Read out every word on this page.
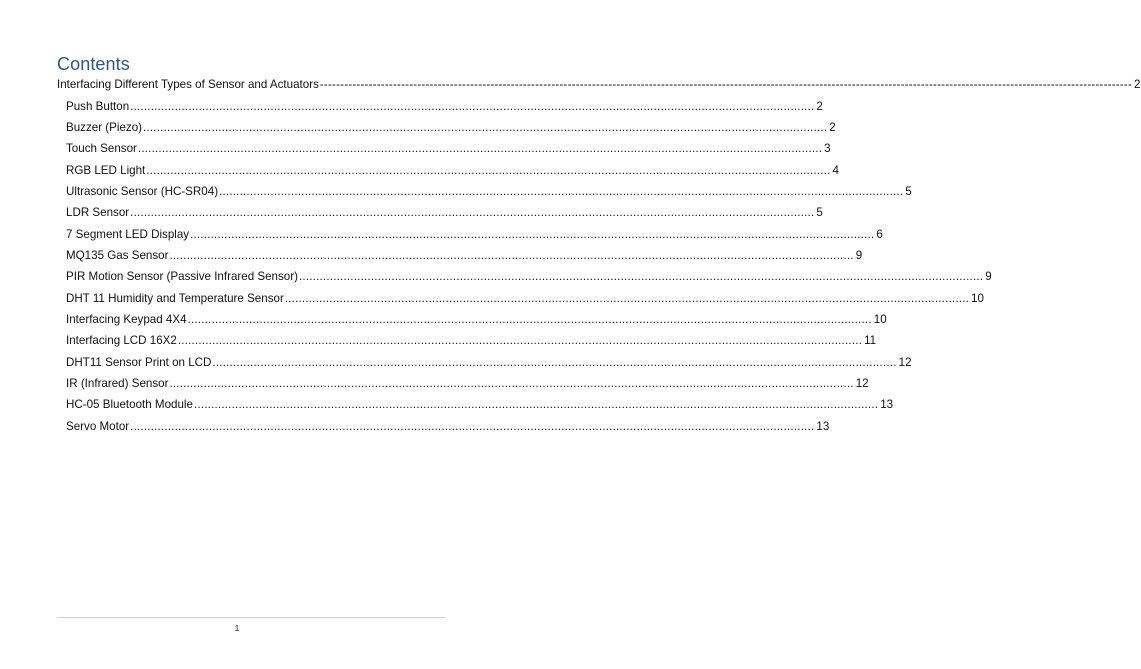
Contents
Interfacing Different Types of Sensor and Actuators -------------------------------------------------------------------------------------------------------------------------------------------------------------------------------------------------------- 2
Push Button ........................................................................................................................................................................................................ 2
Buzzer (Piezo) ........................................................................................................................................................................................................ 2
Touch Sensor ........................................................................................................................................................................................................ 3
RGB LED Light ........................................................................................................................................................................................................ 4
Ultrasonic Sensor (HC-SR04) ........................................................................................................................................................................................................ 5
LDR Sensor ........................................................................................................................................................................................................ 5
7 Segment LED Display ........................................................................................................................................................................................................ 6
MQ135 Gas Sensor ........................................................................................................................................................................................................ 9
PIR Motion Sensor (Passive Infrared Sensor) ........................................................................................................................................................................................................ 9
DHT 11 Humidity and Temperature Sensor ........................................................................................................................................................................................................ 10
Interfacing Keypad 4X4 ........................................................................................................................................................................................................ 10
Interfacing LCD 16X2 ........................................................................................................................................................................................................ 11
DHT11 Sensor Print on LCD ........................................................................................................................................................................................................ 12
IR (Infrared) Sensor ........................................................................................................................................................................................................ 12
HC-05 Bluetooth Module ........................................................................................................................................................................................................ 13
Servo Motor ........................................................................................................................................................................................................ 13
1
